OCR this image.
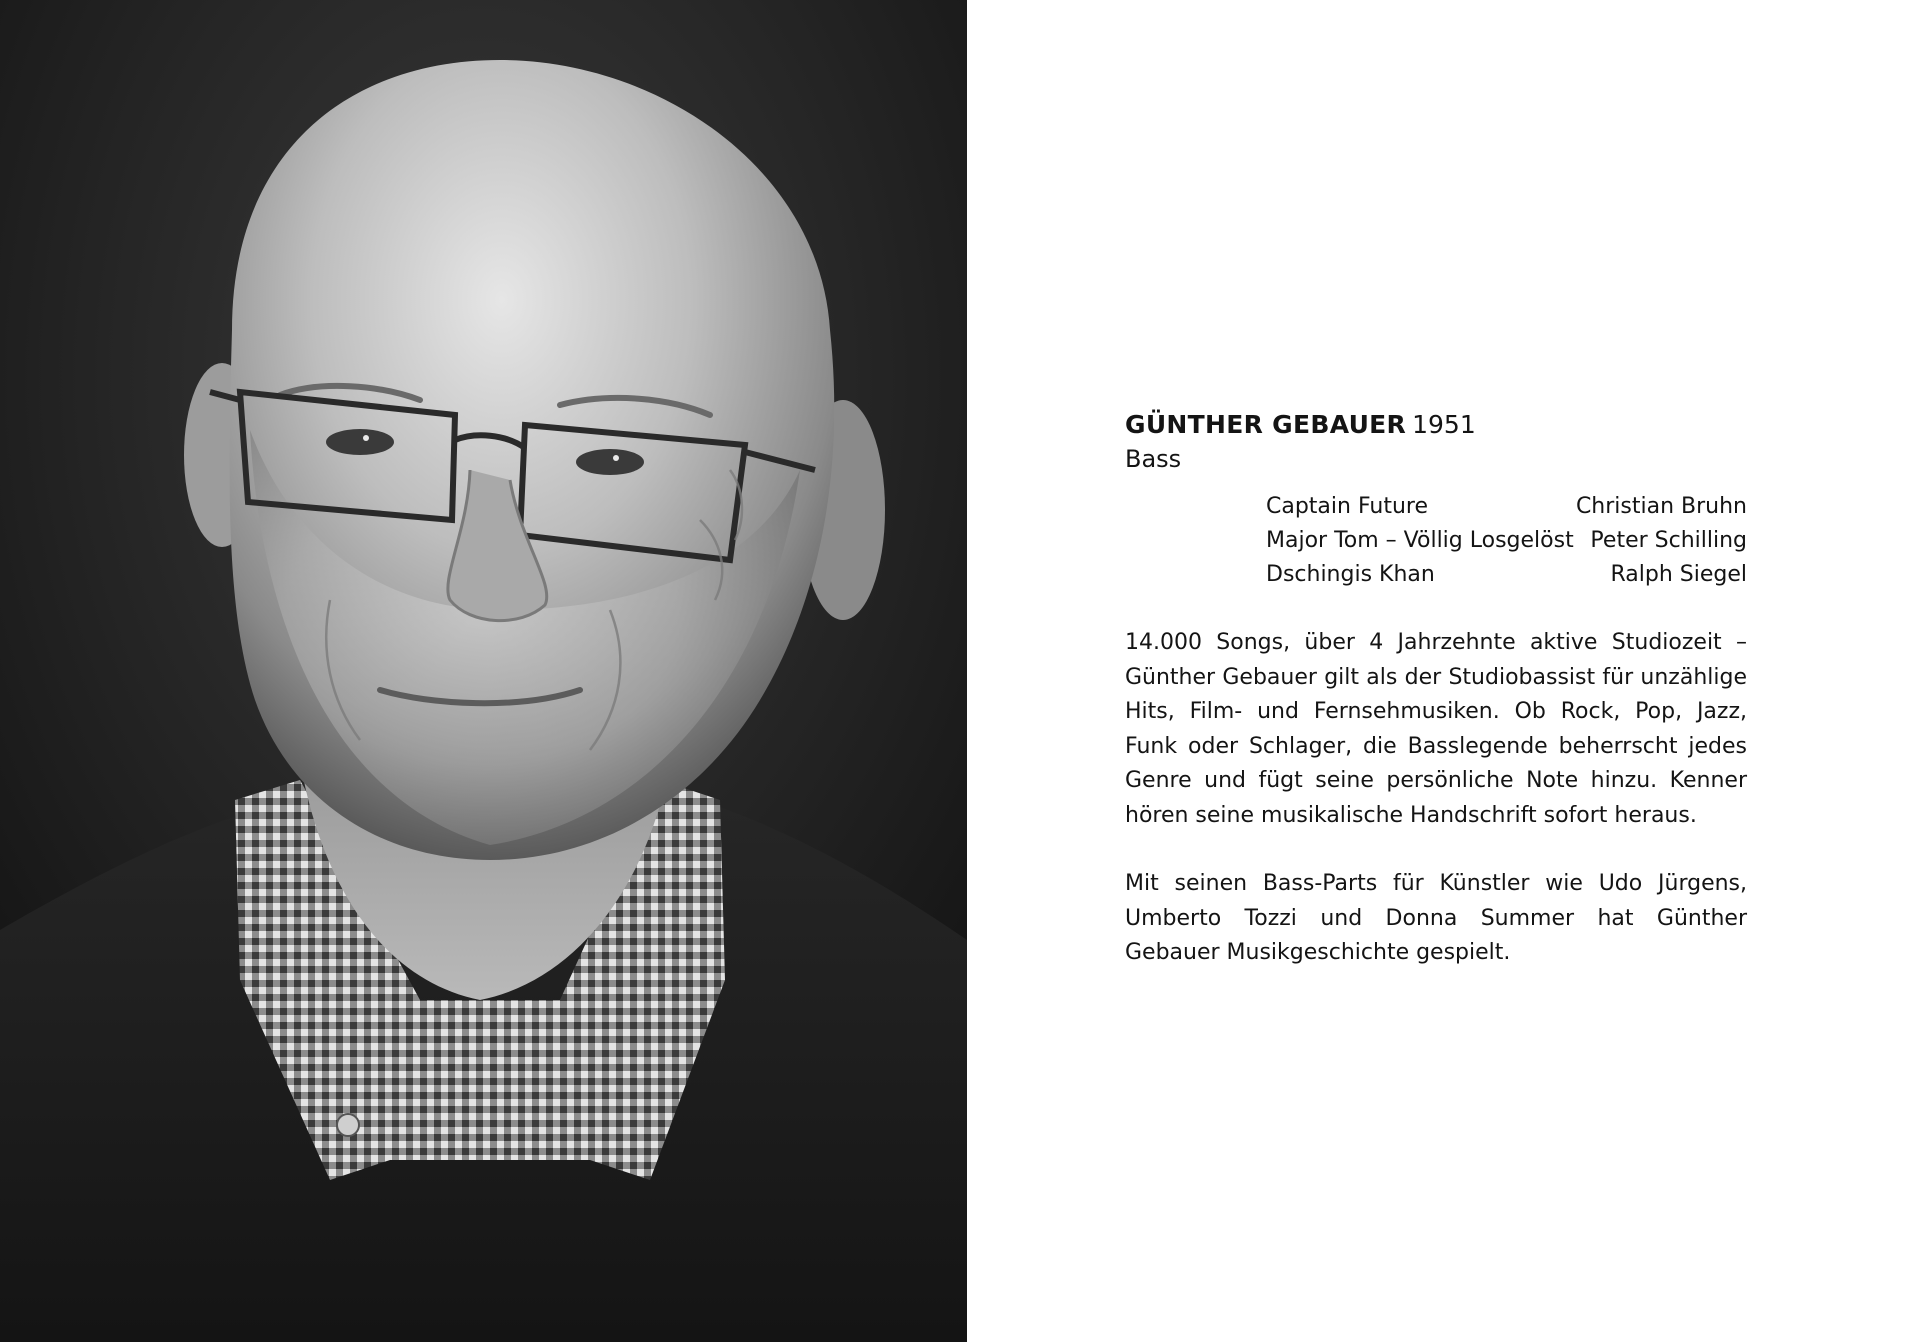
GÜNTHER GEBAUER 1951
Bass
Captain Future	Christian Bruhn
Major Tom – Völlig Losgelöst Peter Schilling
Dschingis Khan	Ralph Siegel

14.000 Songs, über 4 Jahrzehnte aktive Studiozeit – Günther Gebauer gilt als der Studiobassist für unzählige Hits, Film- und Fernsehmusiken. Ob Rock, Pop, Jazz, Funk oder Schlager, die Basslegende beherrscht jedes Genre und fügt seine persönliche Note hinzu. Kenner hören seine musikalische Handschrift sofort heraus.

Mit seinen Bass-Parts für Künstler wie Udo Jürgens, Umberto Tozzi und Donna Summer hat Günther Gebauer Musikgeschichte gespielt.
